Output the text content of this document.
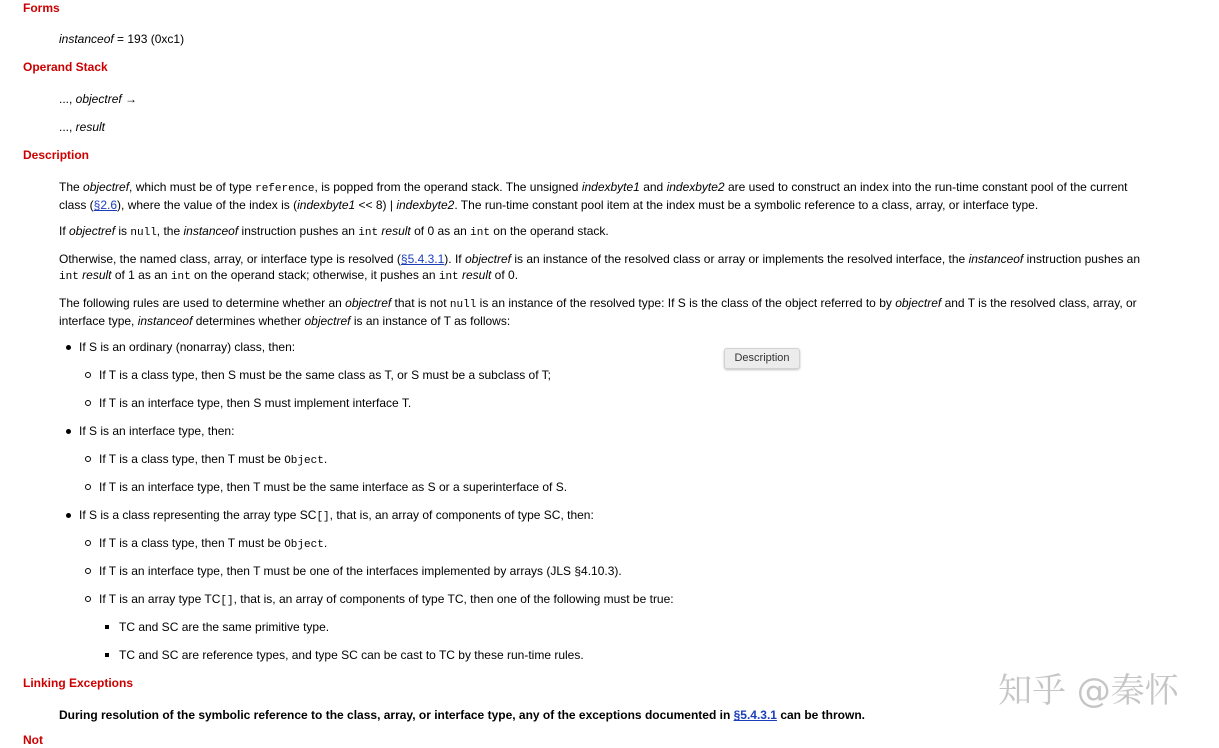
Forms

instanceof = 193 (0xc1)

Operand Stack

..., objectref →

..., result

Description

The objectref, which must be of type reference, is popped from the operand stack. The unsigned indexbyte1 and indexbyte2 are used to construct an index into the run-time constant pool of the current class (§2.6), where the value of the index is (indexbyte1 << 8) | indexbyte2. The run-time constant pool item at the index must be a symbolic reference to a class, array, or interface type.

If objectref is null, the instanceof instruction pushes an int result of 0 as an int on the operand stack.

Otherwise, the named class, array, or interface type is resolved (§5.4.3.1). If objectref is an instance of the resolved class or array or implements the resolved interface, the instanceof instruction pushes an int result of 1 as an int on the operand stack; otherwise, it pushes an int result of 0.

The following rules are used to determine whether an objectref that is not null is an instance of the resolved type: If S is the class of the object referred to by objectref and T is the resolved class, array, or interface type, instanceof determines whether objectref is an instance of T as follows:

If S is an ordinary (nonarray) class, then:

If T is a class type, then S must be the same class as T, or S must be a subclass of T;

If T is an interface type, then S must implement interface T.

If S is an interface type, then:

If T is a class type, then T must be Object.

If T is an interface type, then T must be the same interface as S or a superinterface of S.

If S is a class representing the array type SC[], that is, an array of components of type SC, then:

If T is a class type, then T must be Object.

If T is an interface type, then T must be one of the interfaces implemented by arrays (JLS §4.10.3).

If T is an array type TC[], that is, an array of components of type TC, then one of the following must be true:

TC and SC are the same primitive type.

TC and SC are reference types, and type SC can be cast to TC by these run-time rules.

Linking Exceptions

During resolution of the symbolic reference to the class, array, or interface type, any of the exceptions documented in §5.4.3.1 can be thrown.

Not
Description
知乎 @秦怀
